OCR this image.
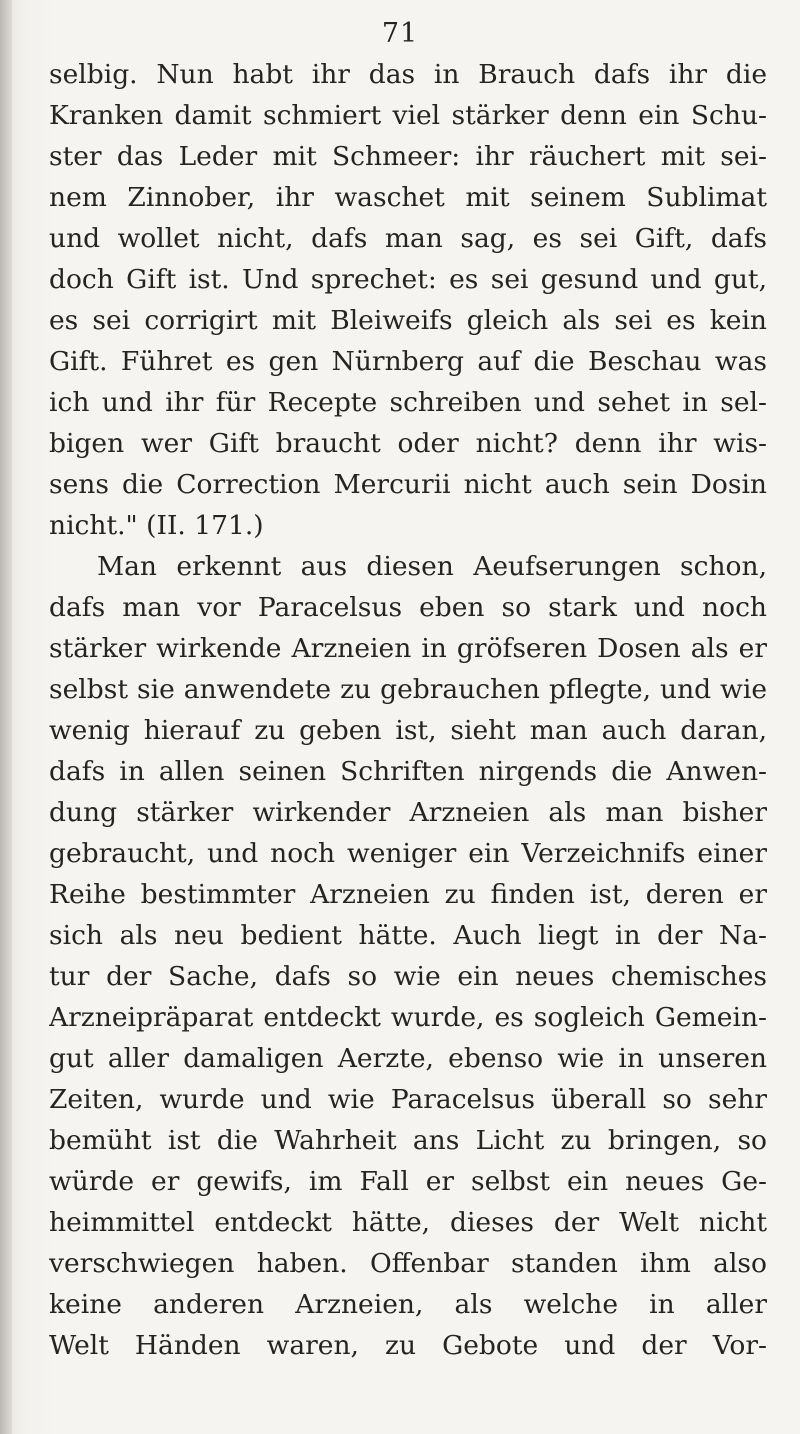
71
selbig. Nun habt ihr das in Brauch dafs ihr die
Kranken damit schmiert viel stärker denn ein Schu-
ster das Leder mit Schmeer: ihr räuchert mit sei-
nem Zinnober, ihr waschet mit seinem Sublimat
und wollet nicht, dafs man sag, es sei Gift, dafs
doch Gift ist. Und sprechet: es sei gesund und gut,
es sei corrigirt mit Bleiweifs gleich als sei es kein
Gift. Führet es gen Nürnberg auf die Beschau was
ich und ihr für Recepte schreiben und sehet in sel-
bigen wer Gift braucht oder nicht? denn ihr wis-
sens die Correction Mercurii nicht auch sein Dosin
nicht." (II. 171.)
Man erkennt aus diesen Aeufserungen schon,
dafs man vor Paracelsus eben so stark und noch
stärker wirkende Arzneien in gröfseren Dosen als er
selbst sie anwendete zu gebrauchen pflegte, und wie
wenig hierauf zu geben ist, sieht man auch daran,
dafs in allen seinen Schriften nirgends die Anwen-
dung stärker wirkender Arzneien als man bisher
gebraucht, und noch weniger ein Verzeichnifs einer
Reihe bestimmter Arzneien zu finden ist, deren er
sich als neu bedient hätte. Auch liegt in der Na-
tur der Sache, dafs so wie ein neues chemisches
Arzneipräparat entdeckt wurde, es sogleich Gemein-
gut aller damaligen Aerzte, ebenso wie in unseren
Zeiten, wurde und wie Paracelsus überall so sehr
bemüht ist die Wahrheit ans Licht zu bringen, so
würde er gewifs, im Fall er selbst ein neues Ge-
heimmittel entdeckt hätte, dieses der Welt nicht
verschwiegen haben. Offenbar standen ihm also
keine anderen Arzneien, als welche in aller
Welt Händen waren, zu Gebote und der Vor-
